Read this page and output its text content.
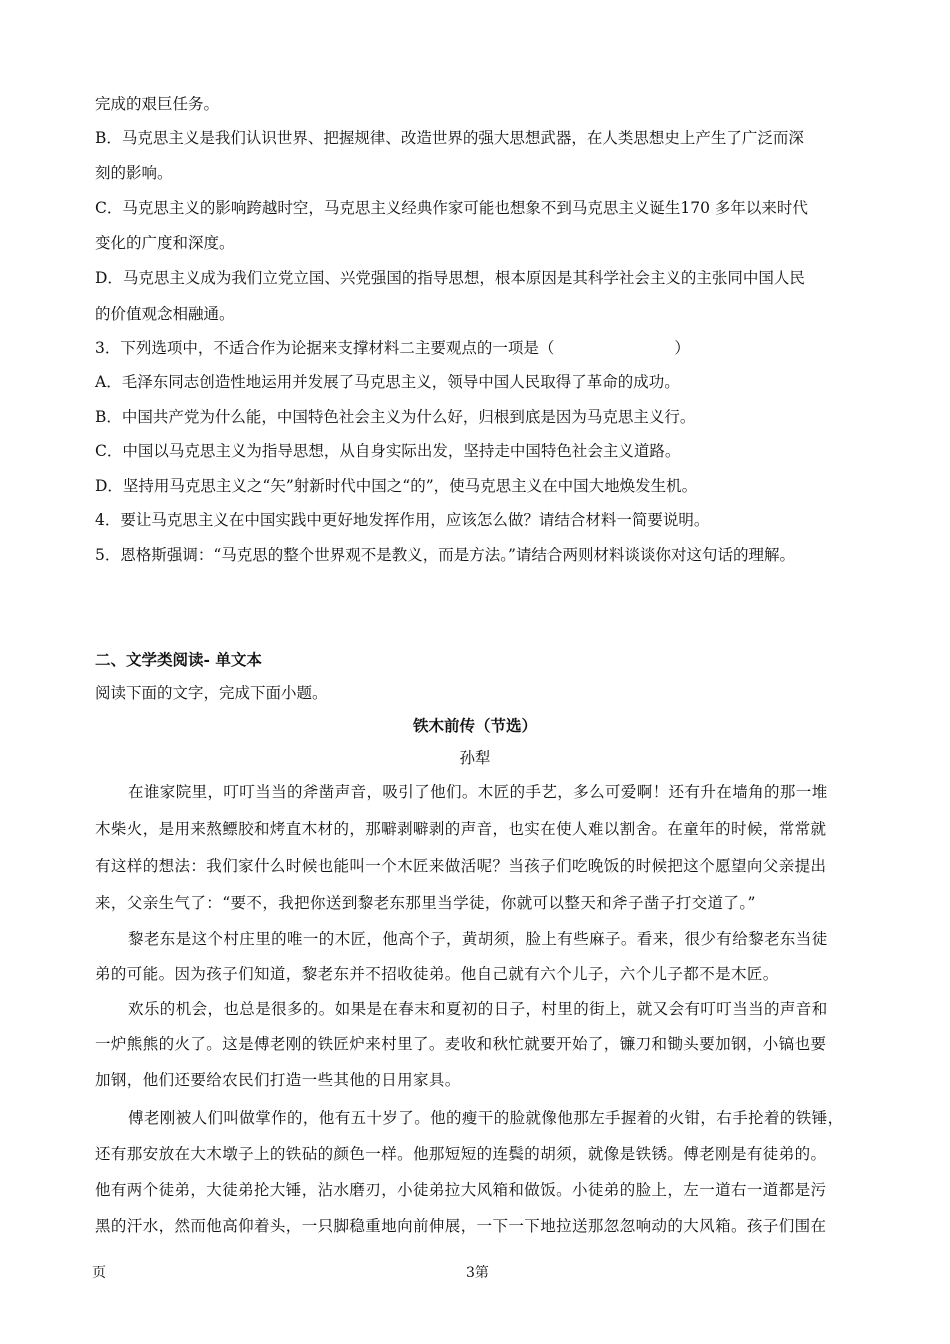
完成的艰巨任务。
B．马克思主义是我们认识世界、把握规律、改造世界的强大思想武器，在人类思想史上产生了广泛而深
刻的影响。
C．马克思主义的影响跨越时空，马克思主义经典作家可能也想象不到马克思主义诞生170 多年以来时代
变化的广度和深度。
D．马克思主义成为我们立党立国、兴党强国的指导思想，根本原因是其科学社会主义的主张同中国人民
的价值观念相融通。
3．下列选项中，不适合作为论据来支撑材料二主要观点的一项是（	）
A．毛泽东同志创造性地运用并发展了马克思主义，领导中国人民取得了革命的成功。
B．中国共产党为什么能，中国特色社会主义为什么好，归根到底是因为马克思主义行。
C．中国以马克思主义为指导思想，从自身实际出发，坚持走中国特色社会主义道路。
D．坚持用马克思主义之“矢”射新时代中国之“的”，使马克思主义在中国大地焕发生机。
4．要让马克思主义在中国实践中更好地发挥作用，应该怎么做？请结合材料一简要说明。
5．恩格斯强调：“马克思的整个世界观不是教义，而是方法。”请结合两则材料谈谈你对这句话的理解。
二、文学类阅读- 单文本
阅读下面的文字，完成下面小题。
铁木前传（节选）
孙犁
在谁家院里，叮叮当当的斧凿声音，吸引了他们。木匠的手艺，多么可爱啊！还有升在墙角的那一堆
木柴火，是用来熬鳔胶和烤直木材的，那噼剥噼剥的声音，也实在使人难以割舍。在童年的时候，常常就
有这样的想法：我们家什么时候也能叫一个木匠来做活呢？当孩子们吃晚饭的时候把这个愿望向父亲提出
来，父亲生气了：“要不，我把你送到黎老东那里当学徒，你就可以整天和斧子凿子打交道了。”
黎老东是这个村庄里的唯一的木匠，他高个子，黄胡须，脸上有些麻子。看来，很少有给黎老东当徒
弟的可能。因为孩子们知道，黎老东并不招收徒弟。他自己就有六个儿子，六个儿子都不是木匠。
欢乐的机会，也总是很多的。如果是在春末和夏初的日子，村里的街上，就又会有叮叮当当的声音和
一炉熊熊的火了。这是傅老刚的铁匠炉来村里了。麦收和秋忙就要开始了，镰刀和锄头要加钢，小镐也要
加钢，他们还要给农民们打造一些其他的日用家具。
傅老刚被人们叫做掌作的，他有五十岁了。他的瘦干的脸就像他那左手握着的火钳，右手抡着的铁锤，
还有那安放在大木墩子上的铁砧的颜色一样。他那短短的连鬓的胡须，就像是铁锈。傅老刚是有徒弟的。
他有两个徒弟，大徒弟抡大锤，沾水磨刃，小徒弟拉大风箱和做饭。小徒弟的脸上，左一道右一道都是污
黑的汗水，然而他高仰着头，一只脚稳重地向前伸展，一下一下地拉送那忽忽响动的大风箱。孩子们围在
页	3第
